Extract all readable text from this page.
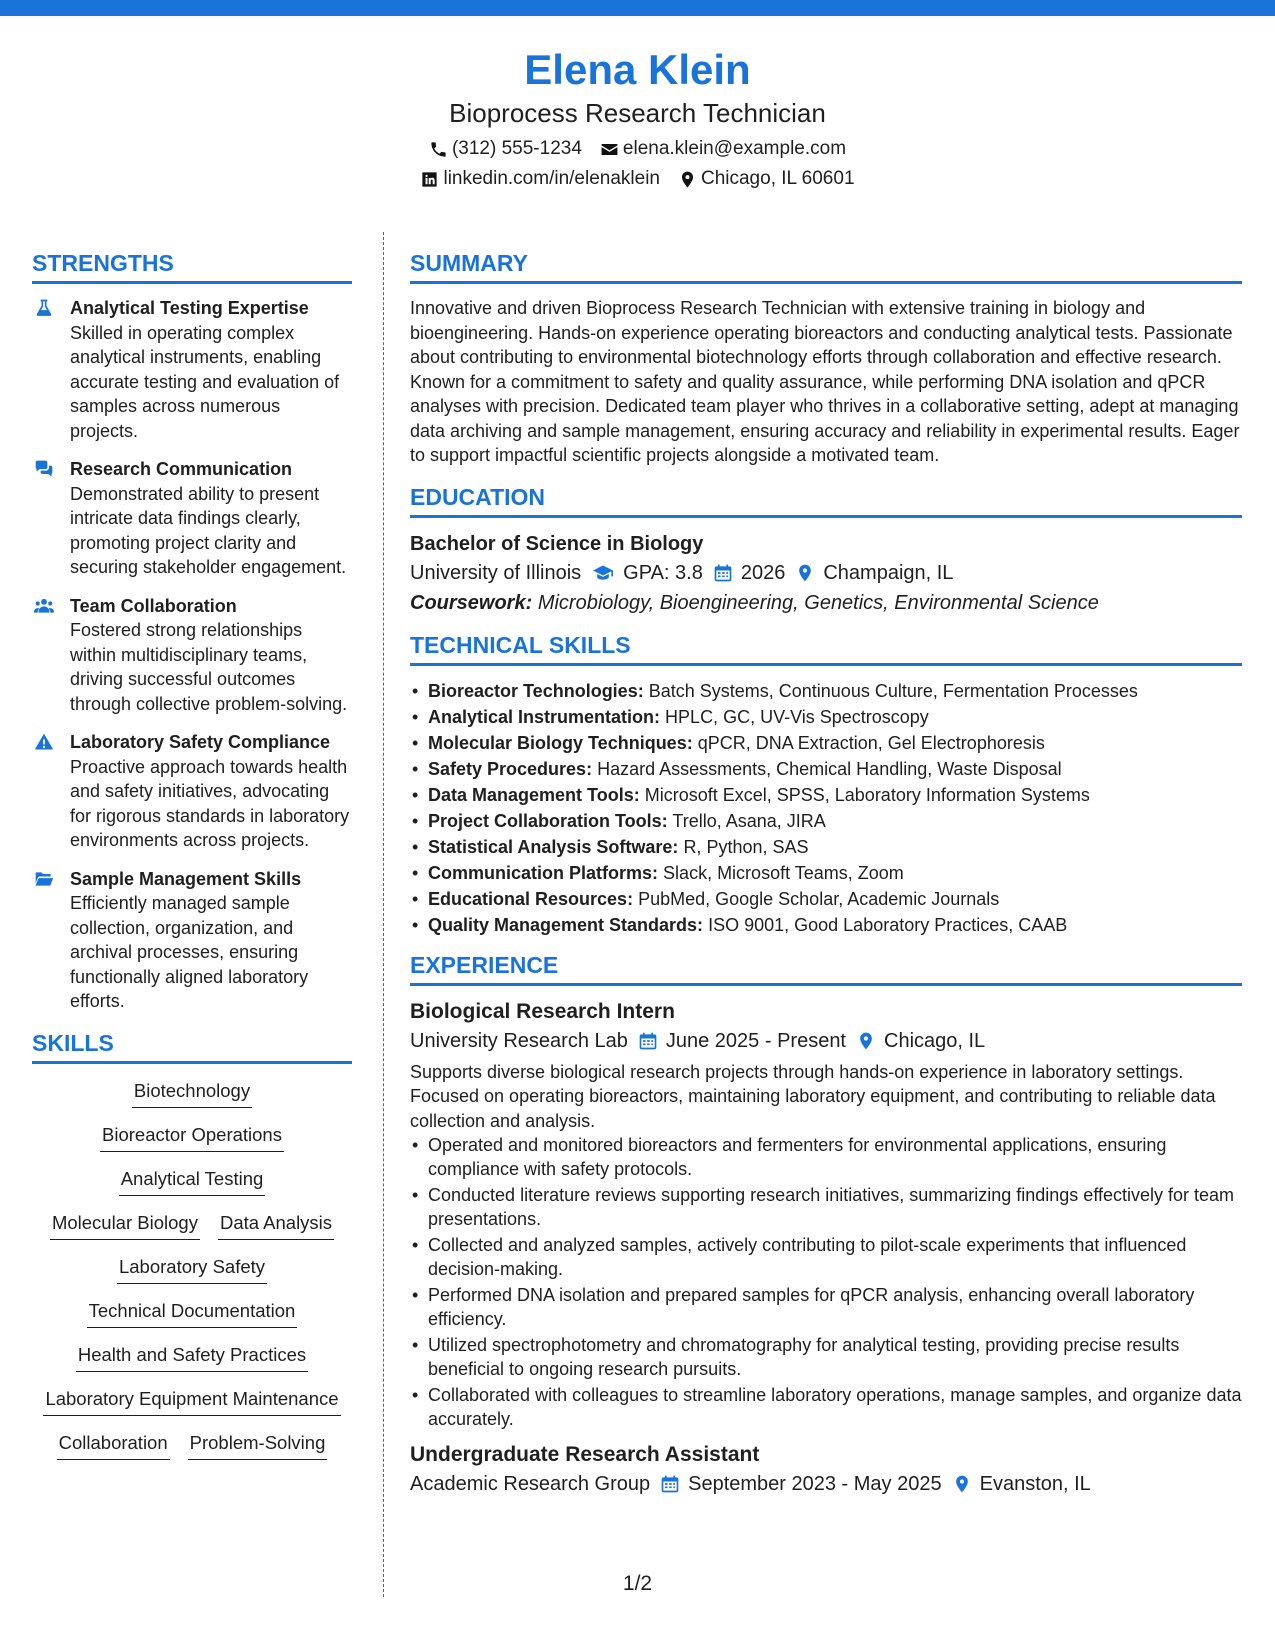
Elena Klein
Bioprocess Research Technician
(312) 555-1234 elena.klein@example.com
linkedin.com/in/elenaklein Chicago, IL 60601
STRENGTHS
Analytical Testing Expertise
Skilled in operating complex analytical instruments, enabling accurate testing and evaluation of samples across numerous projects.
Research Communication
Demonstrated ability to present intricate data findings clearly, promoting project clarity and securing stakeholder engagement.
Team Collaboration
Fostered strong relationships within multidisciplinary teams, driving successful outcomes through collective problem-solving.
Laboratory Safety Compliance
Proactive approach towards health and safety initiatives, advocating for rigorous standards in laboratory environments across projects.
Sample Management Skills
Efficiently managed sample collection, organization, and archival processes, ensuring functionally aligned laboratory efforts.
SKILLS
Biotechnology
Bioreactor Operations
Analytical Testing
Molecular Biology Data Analysis
Laboratory Safety
Technical Documentation
Health and Safety Practices
Laboratory Equipment Maintenance
Collaboration Problem-Solving
SUMMARY
Innovative and driven Bioprocess Research Technician with extensive training in biology and bioengineering. Hands-on experience operating bioreactors and conducting analytical tests. Passionate about contributing to environmental biotechnology efforts through collaboration and effective research. Known for a commitment to safety and quality assurance, while performing DNA isolation and qPCR analyses with precision. Dedicated team player who thrives in a collaborative setting, adept at managing data archiving and sample management, ensuring accuracy and reliability in experimental results. Eager to support impactful scientific projects alongside a motivated team.
EDUCATION
Bachelor of Science in Biology
University of Illinois GPA: 3.8 2026 Champaign, IL
Coursework: Microbiology, Bioengineering, Genetics, Environmental Science
TECHNICAL SKILLS
• Bioreactor Technologies: Batch Systems, Continuous Culture, Fermentation Processes
• Analytical Instrumentation: HPLC, GC, UV-Vis Spectroscopy
• Molecular Biology Techniques: qPCR, DNA Extraction, Gel Electrophoresis
• Safety Procedures: Hazard Assessments, Chemical Handling, Waste Disposal
• Data Management Tools: Microsoft Excel, SPSS, Laboratory Information Systems
• Project Collaboration Tools: Trello, Asana, JIRA
• Statistical Analysis Software: R, Python, SAS
• Communication Platforms: Slack, Microsoft Teams, Zoom
• Educational Resources: PubMed, Google Scholar, Academic Journals
• Quality Management Standards: ISO 9001, Good Laboratory Practices, CAAB
EXPERIENCE
Biological Research Intern
University Research Lab June 2025 - Present Chicago, IL
Supports diverse biological research projects through hands-on experience in laboratory settings. Focused on operating bioreactors, maintaining laboratory equipment, and contributing to reliable data collection and analysis.
• Operated and monitored bioreactors and fermenters for environmental applications, ensuring compliance with safety protocols.
• Conducted literature reviews supporting research initiatives, summarizing findings effectively for team presentations.
• Collected and analyzed samples, actively contributing to pilot-scale experiments that influenced decision-making.
• Performed DNA isolation and prepared samples for qPCR analysis, enhancing overall laboratory efficiency.
• Utilized spectrophotometry and chromatography for analytical testing, providing precise results beneficial to ongoing research pursuits.
• Collaborated with colleagues to streamline laboratory operations, manage samples, and organize data accurately.
Undergraduate Research Assistant
Academic Research Group September 2023 - May 2025 Evanston, IL
1/2
